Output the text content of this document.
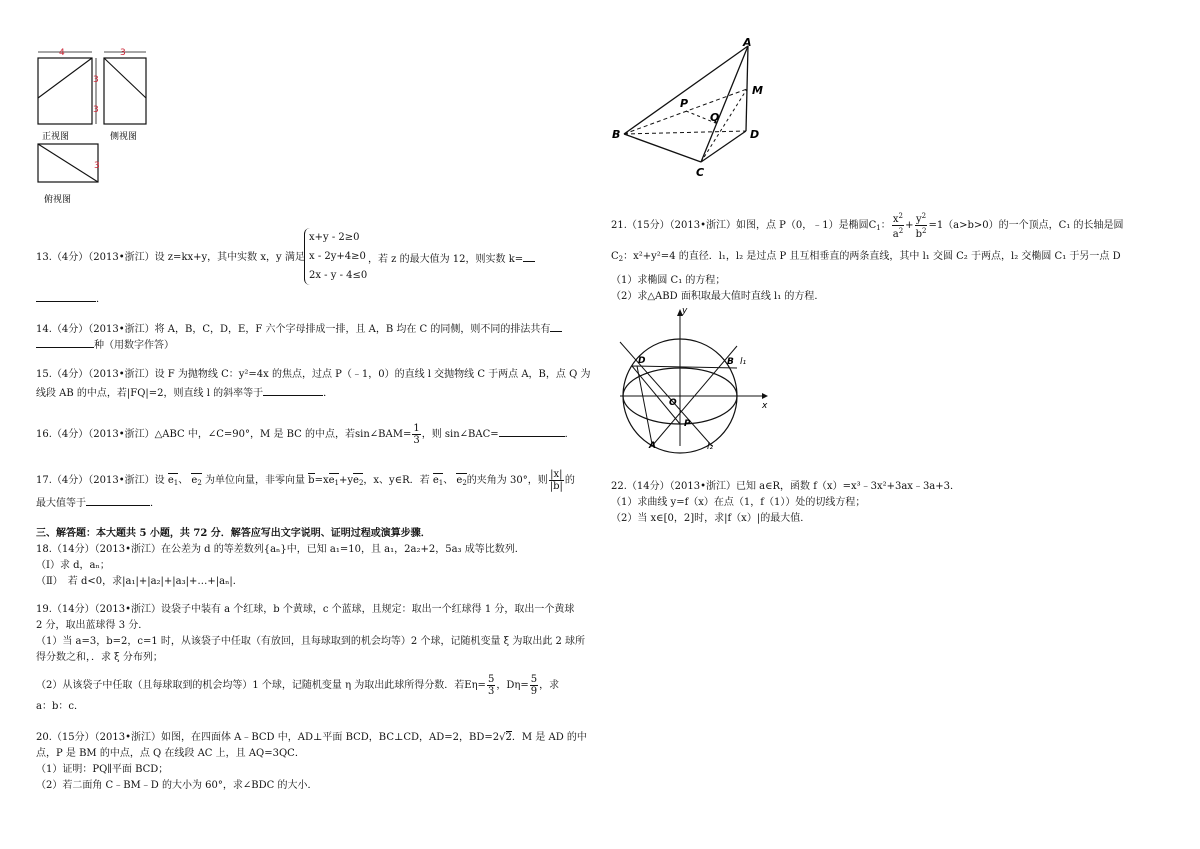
4	3
3
3
正视图	侧视图
3
俯视图
13.（4分）（2013•浙江）设 z=kx+y，其中实数 x，y 满足
x+y - 2≥0
x - 2y+4≥0
2x - y - 4≤0
，若 z 的最大值为 12，则实数 k=
．
14.（4分）（2013•浙江）将 A，B，C，D，E，F 六个字母排成一排，且 A，B 均在 C 的同侧，则不同的排法共有
种（用数字作答）
15.（4分）（2013•浙江）设 F 为抛物线 C：y²=4x 的焦点，过点 P（﹣1，0）的直线 l 交抛物线 C 于两点 A，B，点 Q 为
线段 AB 的中点，若|FQ|=2，则直线 l 的斜率等于	．
16.（4分）（2013•浙江）△ABC 中，∠C=90°，M 是 BC 的中点，若sin∠BAM= $\frac{1}{3}$ ，则 sin∠BAC=	．
17.（4分）（2013•浙江）设 $e_1$、 $e_2$ 为单位向量，非零向量 $b=xe_1+ye_2$，x、y∈R．若 $e_1$、 $e_2$的夹角为 30°，则 $\frac{|x|}{|b|}$ 的
最大值等于	．
三、解答题：本大题共 5 小题，共 72 分．解答应写出文字说明、证明过程或演算步骤．
18.（14分）（2013•浙江）在公差为 d 的等差数列{aₙ}中，已知 a₁=10，且 a₁，2a₂+2，5a₃ 成等比数列．
（Ⅰ）求 d，aₙ；
（Ⅱ）　若 d<0，求|a₁|+|a₂|+|a₃|+…+|aₙ|．
19.（14分）（2013•浙江）设袋子中装有 a 个红球，b 个黄球，c 个蓝球，且规定：取出一个红球得 1 分，取出一个黄球
2 分，取出蓝球得 3 分．
（1）当 a=3，b=2，c=1 时，从该袋子中任取（有放回，且每球取到的机会均等）2 个球，记随机变量 ξ 为取出此 2 球所
得分数之和，．求 ξ 分布列；
（2）从该袋子中任取（且每球取到的机会均等）1 个球，记随机变量 η 为取出此球所得分数．若$E\eta= \frac{5}{3}$ ，$D\eta= \frac{5}{9}$ ，求
a：b：c．
20.（15分）（2013•浙江）如图，在四面体 A﹣BCD 中，AD⊥平面 BCD，BC⊥CD，AD=2，BD=2√2．M 是 AD 的中
点，P 是 BM 的中点，点 Q 在线段 AC 上，且 AQ=3QC．
（1）证明：PQ∥平面 BCD；
（2）若二面角 C﹣BM﹣D 的大小为 60°，求∠BDC 的大小．
A
B
C
D
M
P
Q
21.（15分）（2013•浙江）如图，点 P（0，﹣1）是椭圆$C_1$： $\frac{x^2}{a^2} + \frac{y^2}{b^2} =1(a>b>0)$的一个顶点，C₁ 的长轴是圆
$C_2$：x²+y²=4 的直径．l₁，l₂ 是过点 P 且互相垂直的两条直线，其中 l₁ 交圆 C₂ 于两点，l₂ 交椭圆 C₁ 于另一点 D
（1）求椭圆 C₁ 的方程；
（2）求△ABD 面积取最大值时直线 l₁ 的方程．
y
x
O
P
A
B
D	l₁
l₂
22.（14分）（2013•浙江）已知 a∈R，函数 f（x）=x³﹣3x²+3ax﹣3a+3．
（1）求曲线 y=f（x）在点（1，f（1））处的切线方程；
（2）当 x∈[0，2]时，求|f（x）|的最大值．
